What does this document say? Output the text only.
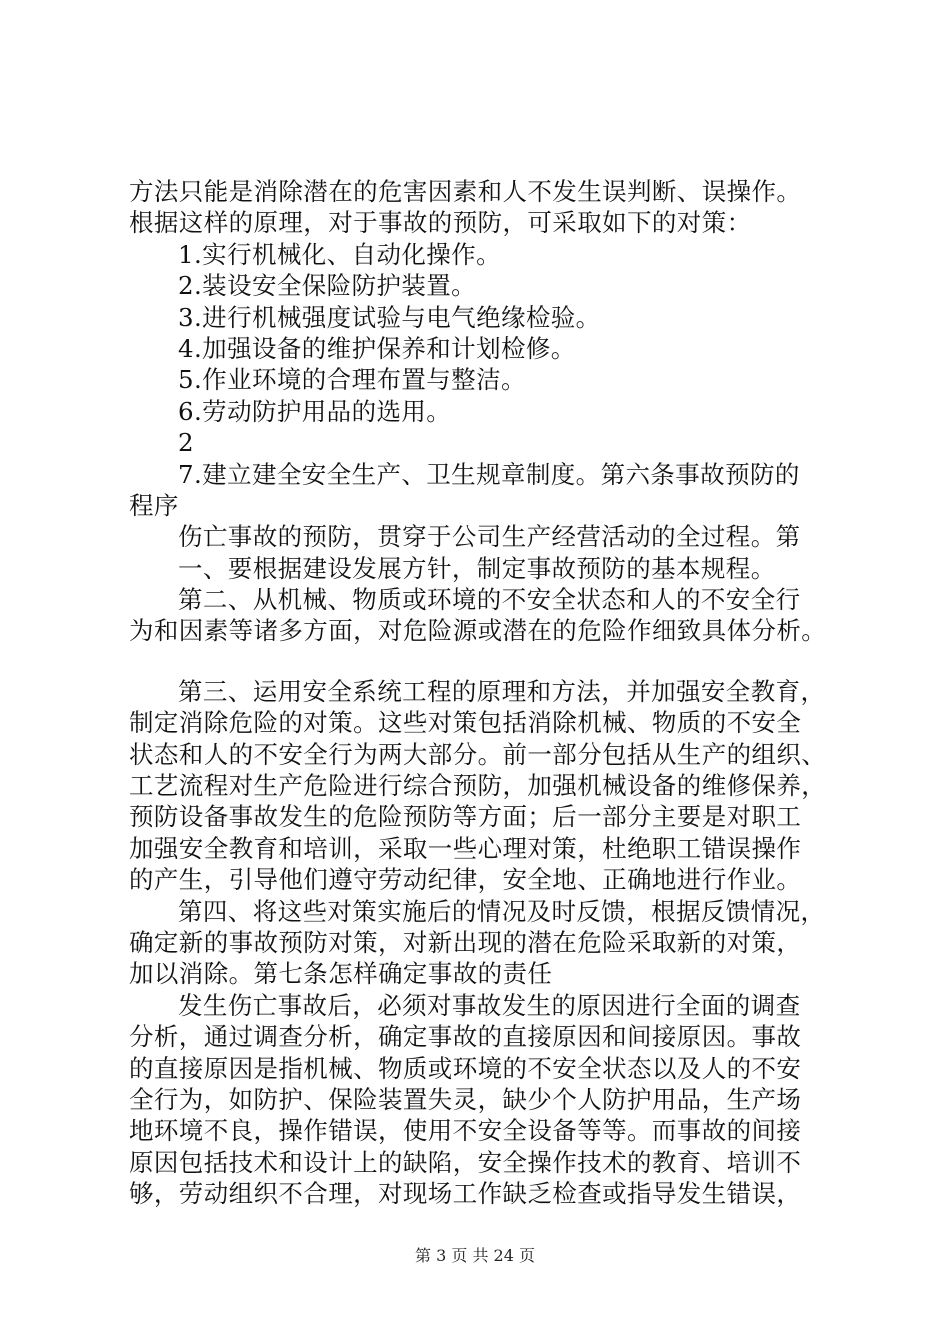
方法只能是消除潜在的危害因素和人不发生误判断、误操作。

根据这样的原理，对于事故的预防，可采取如下的对策：

1.实行机械化、自动化操作。

2.装设安全保险防护装置。

3.进行机械强度试验与电气绝缘检验。

4.加强设备的维护保养和计划检修。

5.作业环境的合理布置与整洁。

6.劳动防护用品的选用。

2

7.建立建全安全生产、卫生规章制度。第六条事故预防的

程序

伤亡事故的预防，贯穿于公司生产经营活动的全过程。第

一、要根据建设发展方针，制定事故预防的基本规程。

第二、从机械、物质或环境的不安全状态和人的不安全行

为和因素等诸多方面，对危险源或潜在的危险作细致具体分析。

第三、运用安全系统工程的原理和方法，并加强安全教育，

制定消除危险的对策。这些对策包括消除机械、物质的不安全

状态和人的不安全行为两大部分。前一部分包括从生产的组织、

工艺流程对生产危险进行综合预防，加强机械设备的维修保养，

预防设备事故发生的危险预防等方面；后一部分主要是对职工

加强安全教育和培训，采取一些心理对策，杜绝职工错误操作

的产生，引导他们遵守劳动纪律，安全地、正确地进行作业。

第四、将这些对策实施后的情况及时反馈，根据反馈情况，

确定新的事故预防对策，对新出现的潜在危险采取新的对策，

加以消除。第七条怎样确定事故的责任

发生伤亡事故后，必须对事故发生的原因进行全面的调查

分析，通过调查分析，确定事故的直接原因和间接原因。事故

的直接原因是指机械、物质或环境的不安全状态以及人的不安

全行为，如防护、保险装置失灵，缺少个人防护用品，生产场

地环境不良，操作错误，使用不安全设备等等。而事故的间接

原因包括技术和设计上的缺陷，安全操作技术的教育、培训不

够，劳动组织不合理，对现场工作缺乏检查或指导发生错误，

第 3 页 共 24 页
